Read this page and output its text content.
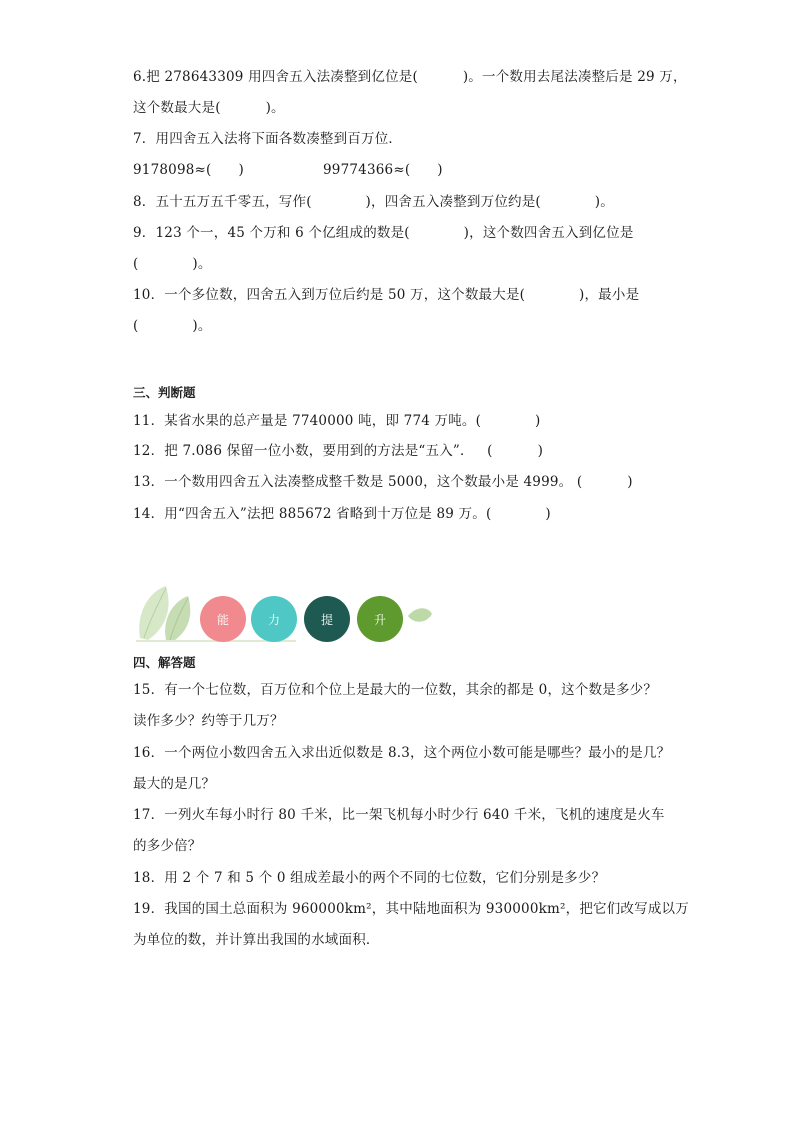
6.把 278643309 用四舍五入法凑整到亿位是(          )。一个数用去尾法凑整后是 29 万，
这个数最大是(          )。
7．用四舍五入法将下面各数凑整到百万位．
9178098≈(      )	99774366≈(      )
8．五十五万五千零五，写作(            )，四舍五入凑整到万位约是(            )。
9．123 个一，45 个万和 6 个亿组成的数是(            )，这个数四舍五入到亿位是
(            )。
10．一个多位数，四舍五入到万位后约是 50 万，这个数最大是(            )，最小是
(            )。
三、判断题
11．某省水果的总产量是 7740000 吨，即 774 万吨。(            )
12．把 7.086 保留一位小数，要用到的方法是“五入”．   (          )
13．一个数用四舍五入法凑整成整千数是 5000，这个数最小是 4999。 (          )
14．用“四舍五入”法把 885672 省略到十万位是 89 万。(            )
能	力	提	升
四、解答题
15．有一个七位数，百万位和个位上是最大的一位数，其余的都是 0，这个数是多少？
读作多少？约等于几万？
16．一个两位小数四舍五入求出近似数是 8.3，这个两位小数可能是哪些？最小的是几？
最大的是几？
17．一列火车每小时行 80 千米，比一架飞机每小时少行 640 千米，飞机的速度是火车
的多少倍？
18．用 2 个 7 和 5 个 0 组成差最小的两个不同的七位数，它们分别是多少？
19．我国的国土总面积为 960000km²，其中陆地面积为 930000km²，把它们改写成以万
为单位的数，并计算出我国的水域面积．
